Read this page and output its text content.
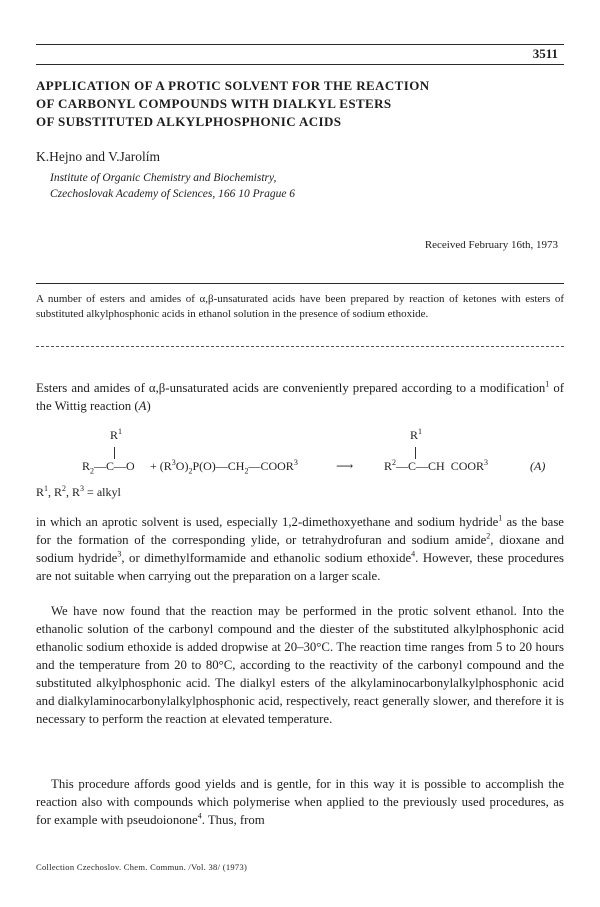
3511
APPLICATION OF A PROTIC SOLVENT FOR THE REACTION
OF CARBONYL COMPOUNDS WITH DIALKYL ESTERS
OF SUBSTITUTED ALKYLPHOSPHONIC ACIDS
K.Hejno and V.Jarolím
Institute of Organic Chemistry and Biochemistry,
Czechoslovak Academy of Sciences, 166 10 Prague 6
Received February 16th, 1973
A number of esters and amides of α,β-unsaturated acids have been prepared by reaction of ketones with esters of substituted alkylphosphonic acids in ethanol solution in the presence of sodium ethoxide.
Esters and amides of α,β-unsaturated acids are conveniently prepared according to a modification$^1$ of the Wittig reaction (A)
$R^1$
$R_2—C—O$ + $(R^3O)_2P(O)—CH_2—COOR^3$	⟶
$R^1$
$R^2—C—CH$  COOR$^3$	(A)
$R^1$, $R^2$, $R^3$ = alkyl
in which an aprotic solvent is used, especially 1,2-dimethoxyethane and sodium hydride$^1$ as the base for the formation of the corresponding ylide, or tetrahydrofuran and sodium amide$^2$, dioxane and sodium hydride$^3$, or dimethylformamide and ethanolic sodium ethoxide$^4$. However, these procedures are not suitable when carrying out the preparation on a larger scale.
We have now found that the reaction may be performed in the protic solvent ethanol. Into the ethanolic solution of the carbonyl compound and the diester of the substituted alkylphosphonic acid ethanolic sodium ethoxide is added dropwise at 20–30°C. The reaction time ranges from 5 to 20 hours and the temperature from 20 to 80°C, according to the reactivity of the carbonyl compound and the substituted alkylphosphonic acid. The dialkyl esters of the alkylaminocarbonylalkylphosphonic acid and dialkylaminocarbonylalkylphosphonic acid, respectively, react generally slower, and therefore it is necessary to perform the reaction at elevated temperature.
This procedure affords good yields and is gentle, for in this way it is possible to accomplish the reaction also with compounds which polymerise when applied to the previously used procedures, as for example with pseudoionone$^4$. Thus, from
Collection Czechoslov. Chem. Commun. /Vol. 38/ (1973)
